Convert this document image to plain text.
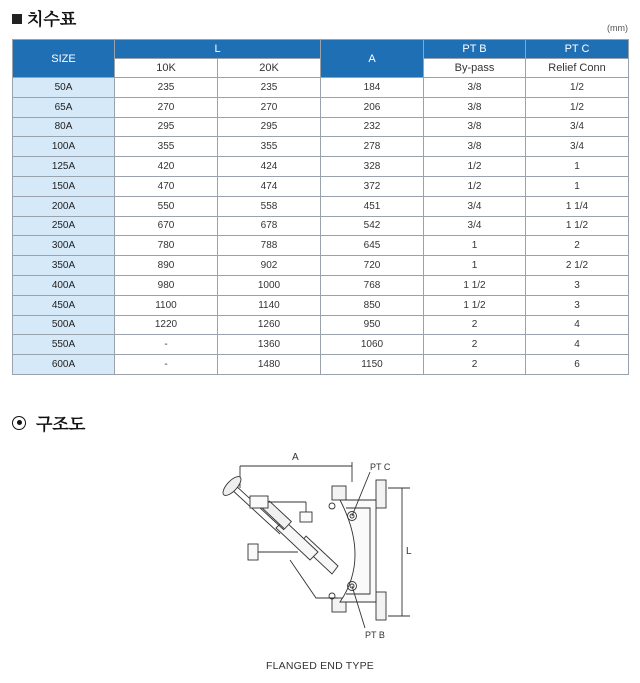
치수표	(mm)
SIZE	L		A	PT B	PT C
	10K	20K		By-pass	Relief Conn
50A	235	235	184	3/8	1/2
65A	270	270	206	3/8	1/2
80A	295	295	232	3/8	3/4
100A	355	355	278	3/8	3/4
125A	420	424	328	1/2	1
150A	470	474	372	1/2	1
200A	550	558	451	3/4	1 1/4
250A	670	678	542	3/4	1 1/2
300A	780	788	645	1	2
350A	890	902	720	1	2 1/2
400A	980	1000	768	1 1/2	3
450A	1100	1140	850	1 1/2	3
500A	1220	1260	950	2	4
550A	-	1360	1060	2	4
600A	-	1480	1150	2	6
구조도
A
L
PT C
PT B
FLANGED END TYPE
